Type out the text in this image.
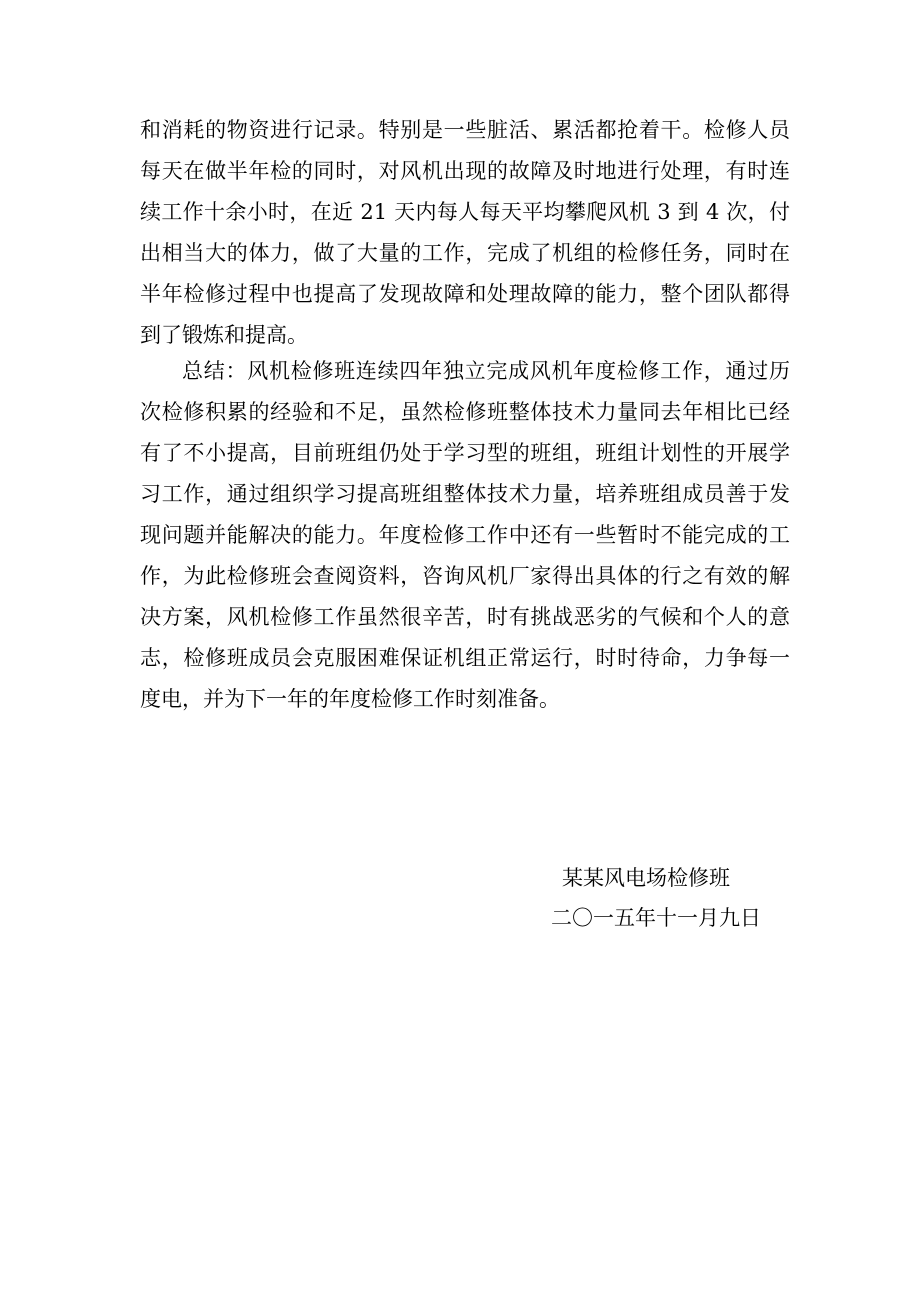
和消耗的物资进行记录。特别是一些脏活、累活都抢着干。检修人员
每天在做半年检的同时，对风机出现的故障及时地进行处理，有时连
续工作十余小时，在近 21 天内每人每天平均攀爬风机 3 到 4 次，付
出相当大的体力，做了大量的工作，完成了机组的检修任务，同时在
半年检修过程中也提高了发现故障和处理故障的能力，整个团队都得
到了锻炼和提高。
总结：风机检修班连续四年独立完成风机年度检修工作，通过历
次检修积累的经验和不足，虽然检修班整体技术力量同去年相比已经
有了不小提高，目前班组仍处于学习型的班组，班组计划性的开展学
习工作，通过组织学习提高班组整体技术力量，培养班组成员善于发
现问题并能解决的能力。年度检修工作中还有一些暂时不能完成的工
作，为此检修班会查阅资料，咨询风机厂家得出具体的行之有效的解
决方案，风机检修工作虽然很辛苦，时有挑战恶劣的气候和个人的意
志，检修班成员会克服困难保证机组正常运行，时时待命，力争每一
度电，并为下一年的年度检修工作时刻准备。
某某风电场检修班
二〇一五年十一月九日
